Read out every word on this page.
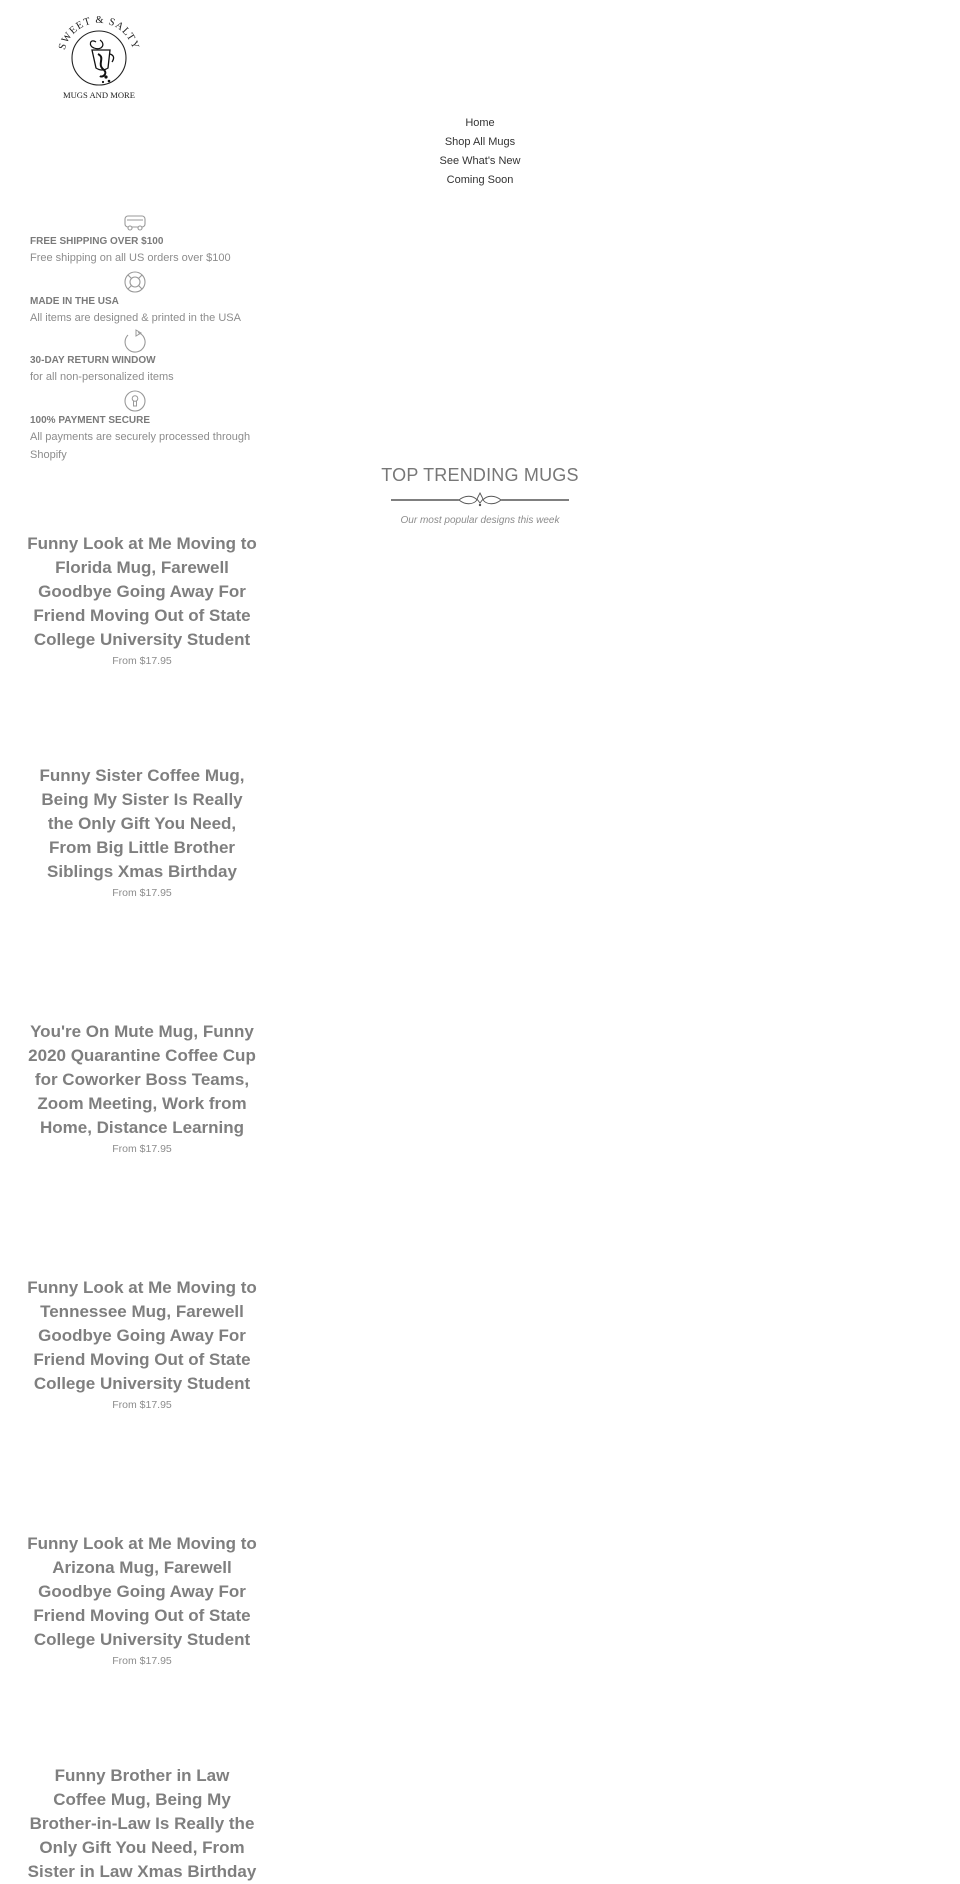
SWEET & SALTY
MUGS AND MORE
Home
Shop All Mugs
See What's New
Coming Soon
FREE SHIPPING OVER $100
Free shipping on all US orders over $100
MADE IN THE USA
All items are designed & printed in the USA
30-DAY RETURN WINDOW
for all non-personalized items
100% PAYMENT SECURE
All payments are securely processed through Shopify
TOP TRENDING MUGS
Our most popular designs this week
Funny Look at Me Moving to Florida Mug, Farewell Goodbye Going Away For Friend Moving Out of State College University Student
From $17.95
Funny Sister Coffee Mug, Being My Sister Is Really the Only Gift You Need, From Big Little Brother Siblings Xmas Birthday
From $17.95
You're On Mute Mug, Funny 2020 Quarantine Coffee Cup for Coworker Boss Teams, Zoom Meeting, Work from Home, Distance Learning
From $17.95
Funny Look at Me Moving to Tennessee Mug, Farewell Goodbye Going Away For Friend Moving Out of State College University Student
From $17.95
Funny Look at Me Moving to Arizona Mug, Farewell Goodbye Going Away For Friend Moving Out of State College University Student
From $17.95
Funny Brother in Law Coffee Mug, Being My Brother-in-Law Is Really the Only Gift You Need, From Sister in Law Xmas Birthday
